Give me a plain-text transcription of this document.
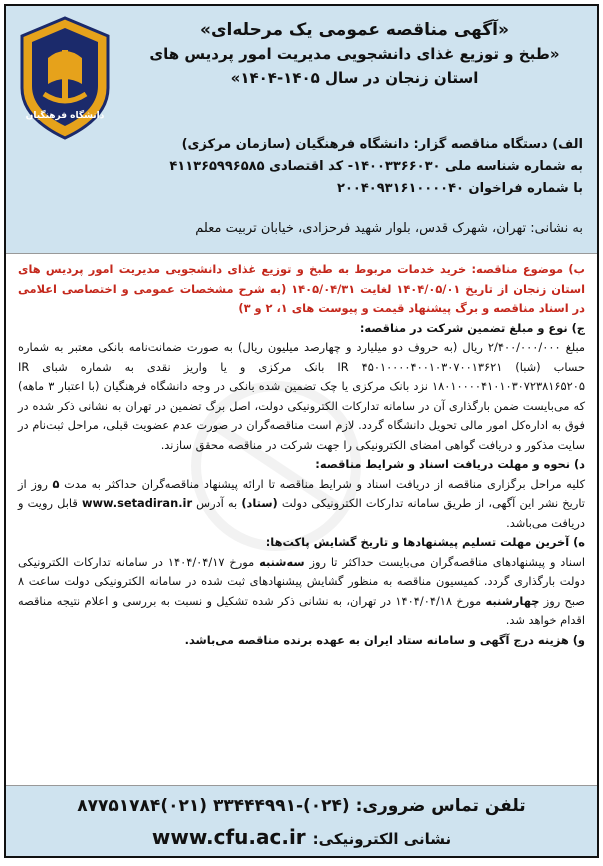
دانشگاه فرهنگیان
«آگهی مناقصه عمومی یک مرحله‌ای»
«طبخ و توزیع غذای دانشجویی مدیریت امور پردیس های
استان زنجان در سال ۱۴۰۵-۱۴۰۴»
الف) دستگاه مناقصه گزار: دانشگاه فرهنگیان (سازمان مرکزی)
به شماره شناسه ملی ۱۴۰۰۳۳۶۶۰۳۰- کد اقتصادی ۴۱۱۳۶۵۹۹۶۵۸۵
با شماره فراخوان ۲۰۰۴۰۹۳۱۶۱۰۰۰۰۴۰
به نشانی: تهران، شهرک قدس، بلوار شهید فرحزادی، خیابان تربیت معلم

ب) موضوع مناقصه: خرید خدمات مربوط به طبخ و توزیع غذای دانشجویی مدیریت امور پردیس های استان زنجان از تاریخ ۱۴۰۴/۰۵/۰۱ لغایت ۱۴۰۵/۰۴/۳۱ (به شرح مشخصات عمومی و اختصاصی اعلامی در اسناد مناقصه و برگ پیشنهاد قیمت و پیوست های ۱، ۲ و ۳)

ج) نوع و مبلغ تضمین شرکت در مناقصه:

مبلغ ۲/۴۰۰/۰۰۰/۰۰۰ ریال (به حروف دو میلیارد و چهارصد میلیون ریال) به صورت ضمانت‌نامه بانکی معتبر به شماره حساب (شبا) IR ۴۵۰۱۰۰۰۰۴۰۰۱۰۳۰۷۰۰۱۳۶۲۱ بانک مرکزی و یا واریز نقدی به شماره شبای IR ۱۸۰۱۰۰۰۰۴۱۰۱۰۳۰۷۲۳۸۱۶۵۲۰۵ نزد بانک مرکزی یا چک تضمین شده بانکی در وجه دانشگاه فرهنگیان (با اعتبار ۳ ماهه) که می‌بایست ضمن بارگذاری آن در سامانه تدارکات الکترونیکی دولت، اصل برگ تضمین در تهران به نشانی ذکر شده در فوق به اداره‌کل امور مالی تحویل دانشگاه گردد. لازم است مناقصه‌گران در صورت عدم عضویت قبلی، مراحل ثبت‌نام در سایت مذکور و دریافت گواهی امضای الکترونیکی را جهت شرکت در مناقصه محقق سازند.

د) نحوه و مهلت دریافت اسناد و شرایط مناقصه:

کلیه مراحل برگزاری مناقصه از دریافت اسناد و شرایط مناقصه تا ارائه پیشنهاد مناقصه‌گران حداکثر به مدت ۵ روز از تاریخ نشر این آگهی، از طریق سامانه تدارکات الکترونیکی دولت (ستاد) به آدرس www.setadiran.ir قابل رویت و دریافت می‌باشد.

ه) آخرین مهلت تسلیم پیشنهادها و تاریخ گشایش پاکت‌ها:

اسناد و پیشنهادهای مناقصه‌گران می‌بایست حداکثر تا روز سه‌شنبه مورخ ۱۴۰۴/۰۴/۱۷ در سامانه تدارکات الکترونیکی دولت بارگذاری گردد. کمیسیون مناقصه به منظور گشایش پیشنهادهای ثبت شده در سامانه الکترونیکی دولت ساعت ۸ صبح روز چهارشنبه مورخ ۱۴۰۴/۰۴/۱۸ در تهران، به نشانی ذکر شده تشکیل و نسبت به بررسی و اعلام نتیجه مناقصه اقدام خواهد شد.

و) هزینه درج آگهی و سامانه ستاد ایران به عهده برنده مناقصه می‌باشد.

تلفن تماس ضروری: (۰۲۴)-۳۳۴۴۴۹۹۱ (۰۲۱)۸۷۷۵۱۷۸۴
نشانی الکترونیکی: www.cfu.ac.ir
